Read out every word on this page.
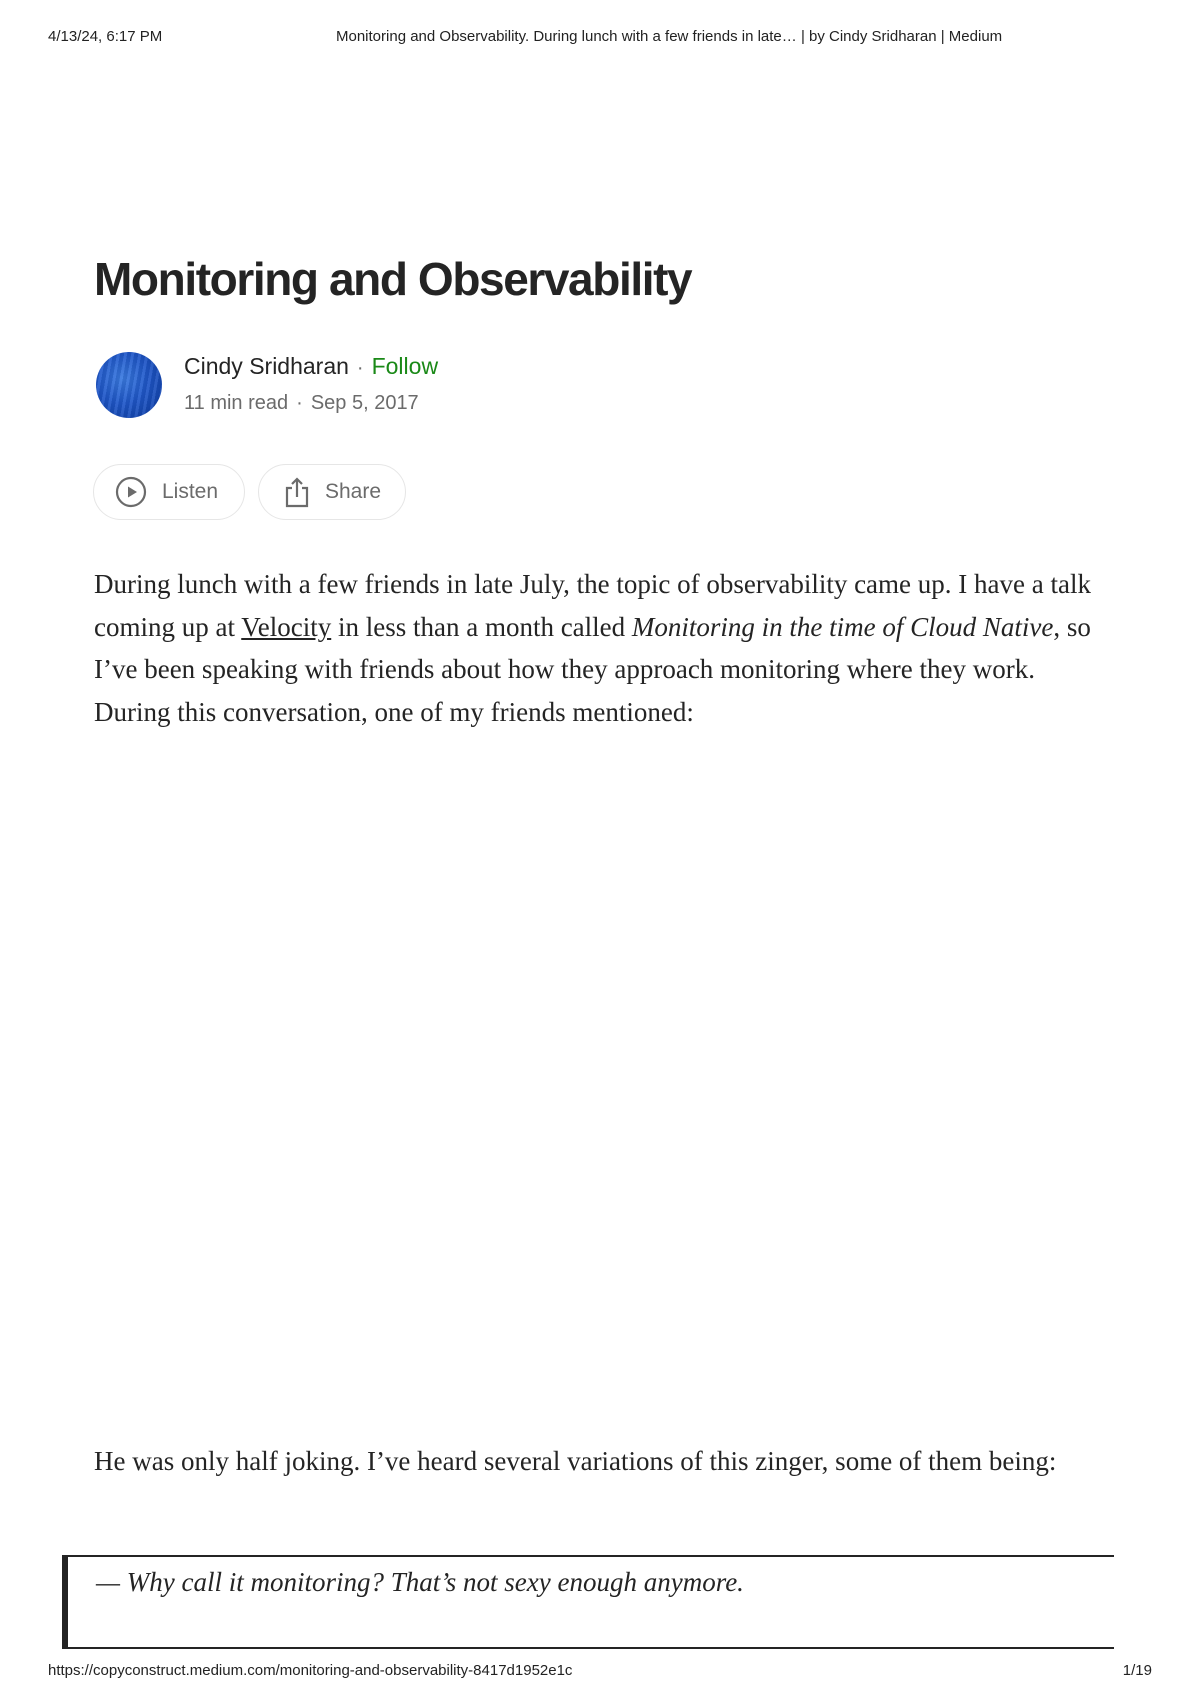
4/13/24, 6:17 PM	Monitoring and Observability. During lunch with a few friends in late… | by Cindy Sridharan | Medium
Monitoring and Observability
Cindy Sridharan · Follow
11 min read · Sep 5, 2017
Listen	Share

During lunch with a few friends in late July, the topic of observability came up. I have a talk coming up at Velocity in less than a month called Monitoring in the time of Cloud Native, so I’ve been speaking with friends about how they approach monitoring where they work. During this conversation, one of my friends mentioned:

He was only half joking. I’ve heard several variations of this zinger, some of them being:

— Why call it monitoring? That’s not sexy enough anymore.
https://copyconstruct.medium.com/monitoring-and-observability-8417d1952e1c	1/19
